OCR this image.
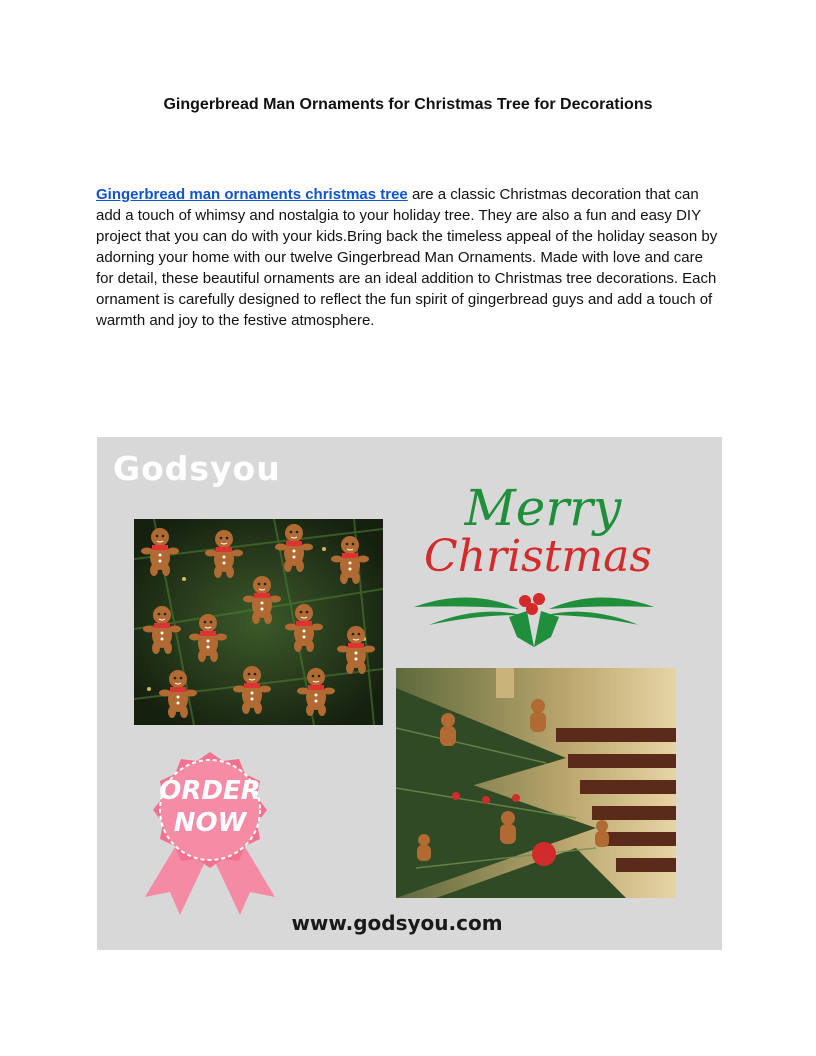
Gingerbread Man Ornaments for Christmas Tree for Decorations

Gingerbread man ornaments christmas tree are a classic Christmas decoration that can add a touch of whimsy and nostalgia to your holiday tree. They are also a fun and easy DIY project that you can do with your kids.Bring back the timeless appeal of the holiday season by adorning your home with our twelve Gingerbread Man Ornaments. Made with love and care for detail, these beautiful ornaments are an ideal addition to Christmas tree decorations. Each ornament is carefully designed to reflect the fun spirit of gingerbread guys and add a touch of warmth and joy to the festive atmosphere.

Godsyou
Merry
Christmas
ORDER
NOW
www.godsyou.com
